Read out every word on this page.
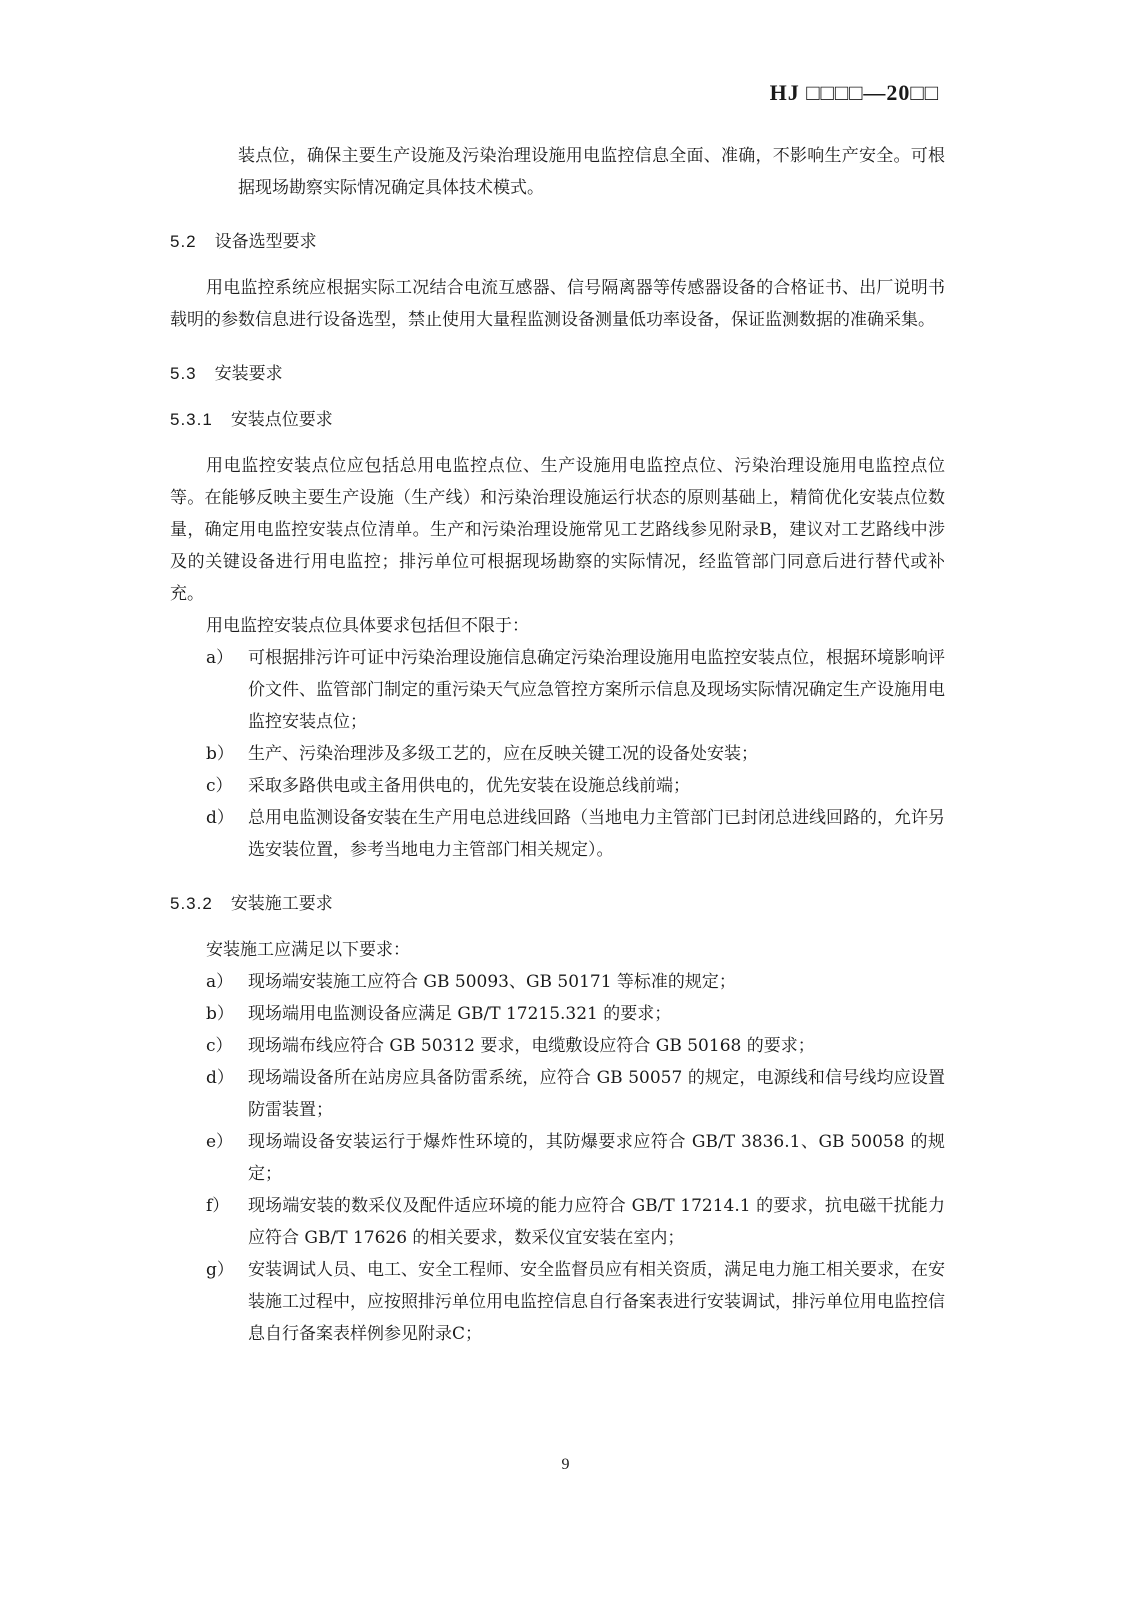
HJ □□□□—20□□

装点位，确保主要生产设施及污染治理设施用电监控信息全面、准确，不影响生产安全。可根据现场勘察实际情况确定具体技术模式。

5.2 设备选型要求

用电监控系统应根据实际工况结合电流互感器、信号隔离器等传感器设备的合格证书、出厂说明书载明的参数信息进行设备选型，禁止使用大量程监测设备测量低功率设备，保证监测数据的准确采集。

5.3 安装要求

5.3.1 安装点位要求

用电监控安装点位应包括总用电监控点位、生产设施用电监控点位、污染治理设施用电监控点位等。在能够反映主要生产设施（生产线）和污染治理设施运行状态的原则基础上，精简优化安装点位数量，确定用电监控安装点位清单。生产和污染治理设施常见工艺路线参见附录B，建议对工艺路线中涉及的关键设备进行用电监控；排污单位可根据现场勘察的实际情况，经监管部门同意后进行替代或补充。

用电监控安装点位具体要求包括但不限于：

a） 可根据排污许可证中污染治理设施信息确定污染治理设施用电监控安装点位，根据环境影响评价文件、监管部门制定的重污染天气应急管控方案所示信息及现场实际情况确定生产设施用电监控安装点位；

b） 生产、污染治理涉及多级工艺的，应在反映关键工况的设备处安装；

c） 采取多路供电或主备用供电的，优先安装在设施总线前端；

d） 总用电监测设备安装在生产用电总进线回路（当地电力主管部门已封闭总进线回路的，允许另选安装位置，参考当地电力主管部门相关规定）。

5.3.2 安装施工要求

安装施工应满足以下要求：

a） 现场端安装施工应符合 GB 50093、GB 50171 等标准的规定；

b） 现场端用电监测设备应满足 GB/T 17215.321 的要求；

c） 现场端布线应符合 GB 50312 要求，电缆敷设应符合 GB 50168 的要求；

d） 现场端设备所在站房应具备防雷系统，应符合 GB 50057 的规定，电源线和信号线均应设置防雷装置；

e） 现场端设备安装运行于爆炸性环境的，其防爆要求应符合 GB/T 3836.1、GB 50058 的规定；

f） 现场端安装的数采仪及配件适应环境的能力应符合 GB/T 17214.1 的要求，抗电磁干扰能力应符合 GB/T 17626 的相关要求，数采仪宜安装在室内；

g） 安装调试人员、电工、安全工程师、安全监督员应有相关资质，满足电力施工相关要求，在安装施工过程中，应按照排污单位用电监控信息自行备案表进行安装调试，排污单位用电监控信息自行备案表样例参见附录C；

9
